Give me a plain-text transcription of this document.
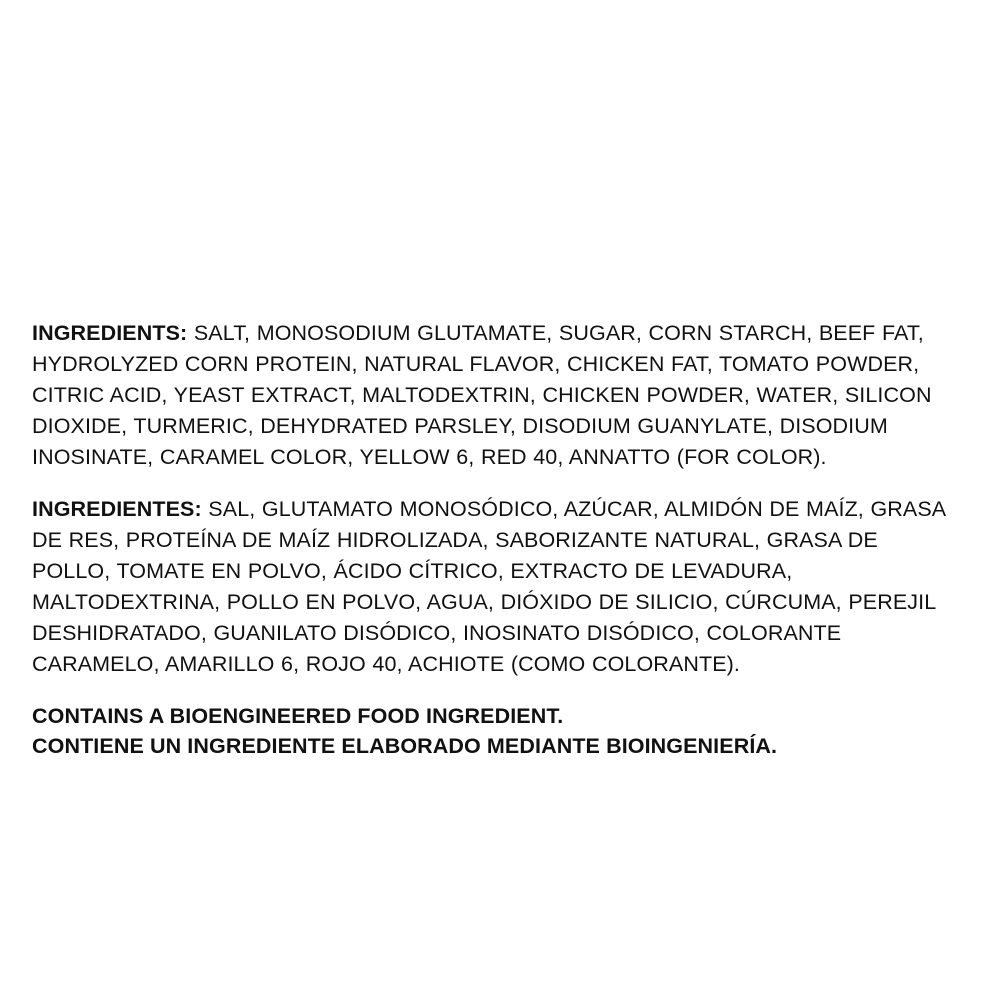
INGREDIENTS: SALT, MONOSODIUM GLUTAMATE, SUGAR, CORN STARCH, BEEF FAT, HYDROLYZED CORN PROTEIN, NATURAL FLAVOR, CHICKEN FAT, TOMATO POWDER, CITRIC ACID, YEAST EXTRACT, MALTODEXTRIN, CHICKEN POWDER, WATER, SILICON DIOXIDE, TURMERIC, DEHYDRATED PARSLEY, DISODIUM GUANYLATE, DISODIUM INOSINATE, CARAMEL COLOR, YELLOW 6, RED 40, ANNATTO (FOR COLOR).

INGREDIENTES: SAL, GLUTAMATO MONOSÓDICO, AZÚCAR, ALMIDÓN DE MAÍZ, GRASA DE RES, PROTEÍNA DE MAÍZ HIDROLIZADA, SABORIZANTE NATURAL, GRASA DE POLLO, TOMATE EN POLVO, ÁCIDO CÍTRICO, EXTRACTO DE LEVADURA, MALTODEXTRINA, POLLO EN POLVO, AGUA, DIÓXIDO DE SILICIO, CÚRCUMA, PEREJIL DESHIDRATADO, GUANILATO DISÓDICO, INOSINATO DISÓDICO, COLORANTE CARAMELO, AMARILLO 6, ROJO 40, ACHIOTE (COMO COLORANTE).

CONTAINS A BIOENGINEERED FOOD INGREDIENT.
CONTIENE UN INGREDIENTE ELABORADO MEDIANTE BIOINGENIERÍA.
